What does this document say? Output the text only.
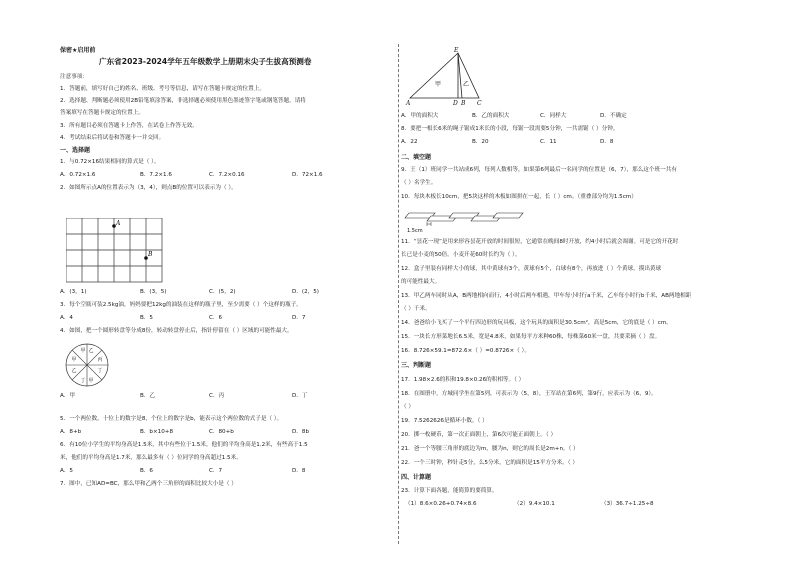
保密★启用前
广东省2023-2024学年五年级数学上册期末尖子生拔高预测卷
注意事项：
1．答题前，填写好自己的姓名、班级、考号等信息，请写在答题卡规定的位置上。
2．选择题、判断题必须使用2B铅笔填涂答案，非选择题必须使用黑色墨迹签字笔或钢笔答题，请将
答案填写在答题卡规定的位置上。
3．所有题目必须在答题卡上作答，在试卷上作答无效。
4．考试结束后将试卷和答题卡一并交回。
一、选择题
1．与0.72×16结果相同的算式是（ ）。
A．0.72×1.6	B．7.2×1.6	C．7.2×0.16	D．72×1.6
2．如图所示点A的位置表示为（3，4），则点B的位置可以表示为（ ）。
A
B
A．(3，1)	B．(3，5)	C．(5，2)	D．(2，5)
3．每个空瓶可装2.5kg油，妈妈要把12kg的油装在这样的瓶子里，至少需要（ ）个这样的瓶子。
A．4	B．5	C．6	D．7
4．如图，把一个圆形转盘等分成8份，转动转盘停止后，指针停留在（ ）区域的可能性最大。
甲 乙
丙
丁
甲
丁
乙
甲
A．甲	B．乙	C．丙	D．丁
5．一个两位数，十位上的数字是8，个位上的数字是b，能表示这个两位数的式子是（ ）。
A．8+b	B．b×10+8	C．80+b	D．8b
6．有10位小学生的平均身高是1.5米，其中有些位于1.5米，他们的平均身高是1.2米，有些高于1.5
米，他们的平均身高是1.7米，那么最多有（ ）位同学的身高超过1.5米。
A．5	B．6	C．7	D．8
7．图中，已知AD=BC，那么甲和乙两个三角形的面积比较大小是（ ）
E
A	D B C
甲	乙
A．甲的面积大	B．乙的面积大	C．同样大	D．不确定
8．要把一根长6米的绳子锯成1米长的小段，每锯一段需要5分钟，一共需锯（ ）分钟。
A．22	B．20	C．11	D．8
二、填空题
9．王（1）班同学一共站成6列，每列人数相等，如果第6列最后一名同学的位置是（6，7），那么这个班一共有
（ ）名学生。
10．每块木板长10cm，把5块这样的木板如图拼在一起，长（ ）cm。（重叠部分均为1.5cm）
1.5cm
11．“昙花一现”是用来形容昙花开放的时间很短，它通常在晚间8时开放，约4小时后就会凋谢。可是它的开花时
长已是小麦的50倍。小麦开花60时长约为（ ）。
12．盒子里装有同样大小的球，其中黄球有3个，黄球有5个，白球有8个，再放进（ ）个黄球，摸出黄球
的可能性最大。
13．甲乙两车同时从A，B两地相向而行，4小时后两车相遇，甲车每小时行a千米，乙车每小时行b千米，AB两地相距
（ ）千米。
14．爸爸给小飞买了一个平行四边形的玩具板，这个玩具的面积是30.5cm²，高是5cm，它的底是（ ）cm。
15．一块长方形菜地长6.5米，宽是4.8米，如果每平方米种60株，每株菜60米一盘，共要采摘（ ）盘。
16．8.726×59.1=872.6×（ ）=0.8726×（ ）。
三、判断题
17．1.98×2.6的积和19.8×0.26的积相等。（ ）
18．在图册中，方城同学坐在第5列，可表示为（5，8），王军站在第6列，第9行，应表示为（6，9）。
（ ）
19．7.5262626是循环小数。（ ）
20．掷一枚硬币，第一次正面朝上，第6次可能正面朝上。（ ）
21．爸一个等腰三角形的底边为m，腰为n，则它的周长是2m+n。（ ）
22．一个三时钟，秒针走5分，么5分米，它的面积是15平方分米。（ ）
四、计算题
23．计算下面各题，能简算的要简算。
（1）8.6×0.26+0.74×8.6	（2）9.4×10.1	（3）36.7÷1.25÷8
